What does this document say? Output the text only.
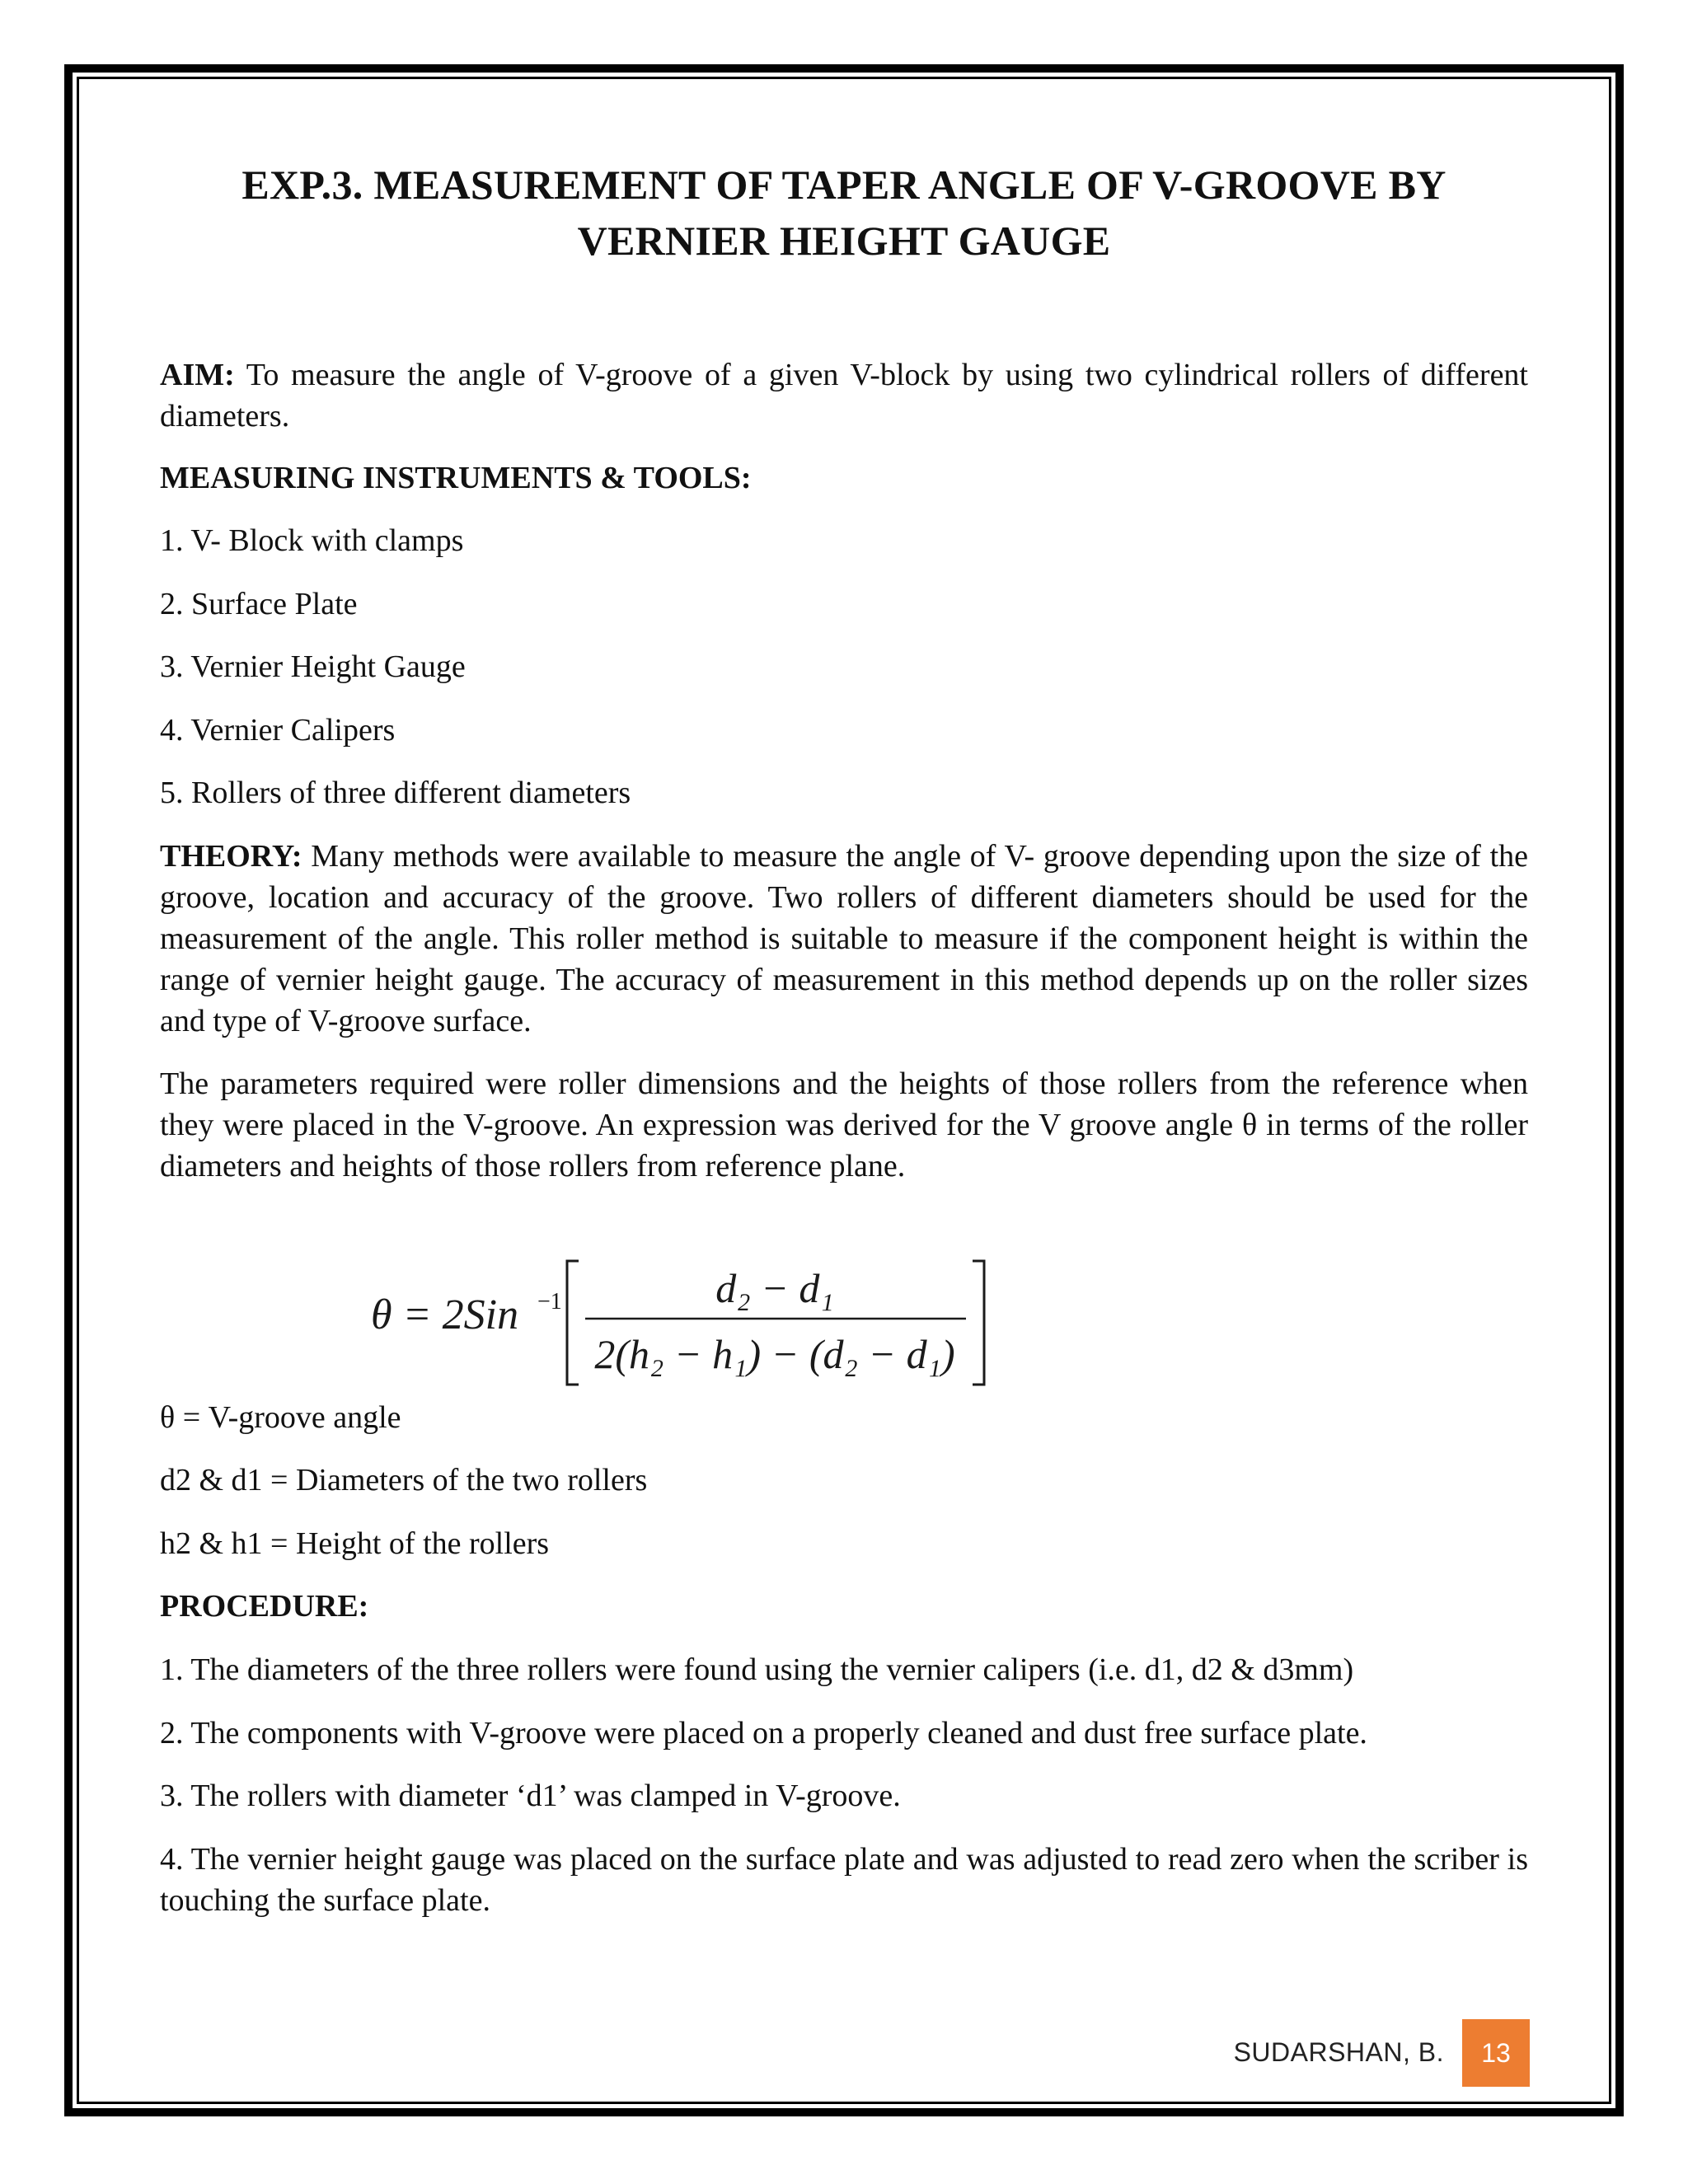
EXP.3. MEASUREMENT OF TAPER ANGLE OF V-GROOVE BY
VERNIER HEIGHT GAUGE
AIM: To measure the angle of V-groove of a given V-block by using two cylindrical rollers of different diameters.
MEASURING INSTRUMENTS & TOOLS:
1. V- Block with clamps
2. Surface Plate
3. Vernier Height Gauge
4. Vernier Calipers
5. Rollers of three different diameters
THEORY: Many methods were available to measure the angle of V- groove depending upon the size of the groove, location and accuracy of the groove. Two rollers of different diameters should be used for the measurement of the angle. This roller method is suitable to measure if the component height is within the range of vernier height gauge. The accuracy of measurement in this method depends up on the roller sizes and type of V-groove surface.
The parameters required were roller dimensions and the heights of those rollers from the reference when they were placed in the V-groove. An expression was derived for the V groove angle θ in terms of the roller diameters and heights of those rollers from reference plane.
θ = 2Sin −1	d₂ − d₁
2(h₂ − h₁) − (d₂ − d₁)
θ = V-groove angle
d2 & d1 = Diameters of the two rollers
h2 & h1 = Height of the rollers
PROCEDURE:
1. The diameters of the three rollers were found using the vernier calipers (i.e. d1, d2 & d3mm)
2. The components with V-groove were placed on a properly cleaned and dust free surface plate.
3. The rollers with diameter ‘d1’ was clamped in V-groove.
4. The vernier height gauge was placed on the surface plate and was adjusted to read zero when the scriber is touching the surface plate.
SUDARSHAN, B.	13
